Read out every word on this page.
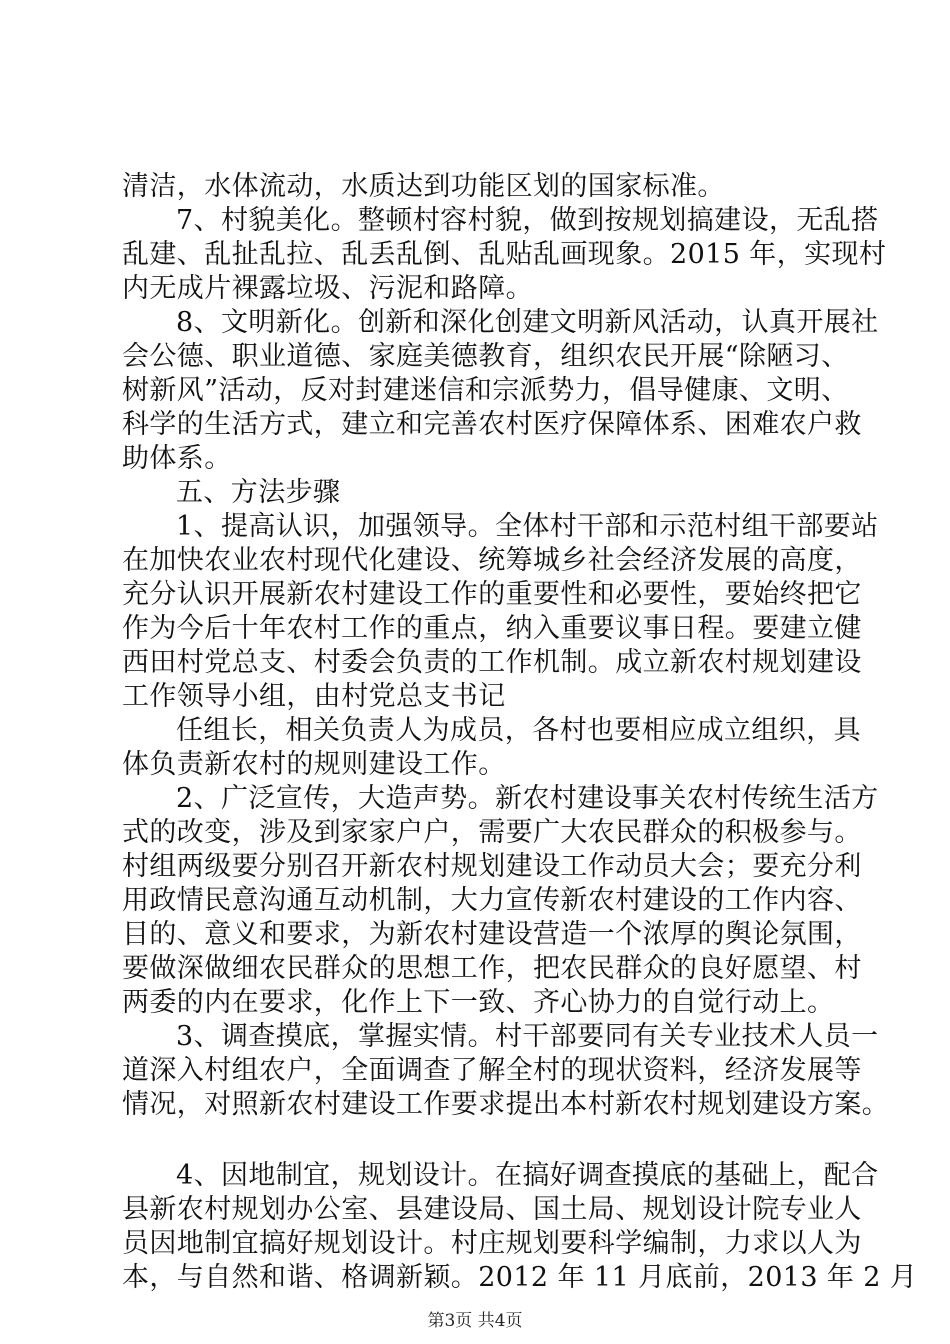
清洁，水体流动，水质达到功能区划的国家标准。
7、村貌美化。整顿村容村貌，做到按规划搞建设，无乱搭
乱建、乱扯乱拉、乱丢乱倒、乱贴乱画现象。2015 年，实现村
内无成片裸露垃圾、污泥和路障。
8、文明新化。创新和深化创建文明新风活动，认真开展社
会公德、职业道德、家庭美德教育，组织农民开展“除陋习、
树新风”活动，反对封建迷信和宗派势力，倡导健康、文明、
科学的生活方式，建立和完善农村医疗保障体系、困难农户救
助体系。
五、方法步骤
1、提高认识，加强领导。全体村干部和示范村组干部要站
在加快农业农村现代化建设、统筹城乡社会经济发展的高度，
充分认识开展新农村建设工作的重要性和必要性，要始终把它
作为今后十年农村工作的重点，纳入重要议事日程。要建立健
西田村党总支、村委会负责的工作机制。成立新农村规划建设
工作领导小组，由村党总支书记
任组长，相关负责人为成员，各村也要相应成立组织，具
体负责新农村的规则建设工作。
2、广泛宣传，大造声势。新农村建设事关农村传统生活方
式的改变，涉及到家家户户，需要广大农民群众的积极参与。
村组两级要分别召开新农村规划建设工作动员大会；要充分利
用政情民意沟通互动机制，大力宣传新农村建设的工作内容、
目的、意义和要求，为新农村建设营造一个浓厚的舆论氛围，
要做深做细农民群众的思想工作，把农民群众的良好愿望、村
两委的内在要求，化作上下一致、齐心协力的自觉行动上。
3、调查摸底，掌握实情。村干部要同有关专业技术人员一
道深入村组农户，全面调查了解全村的现状资料，经济发展等
情况，对照新农村建设工作要求提出本村新农村规划建设方案。
4、因地制宜，规划设计。在搞好调查摸底的基础上，配合
县新农村规划办公室、县建设局、国土局、规划设计院专业人
员因地制宜搞好规划设计。村庄规划要科学编制，力求以人为
本，与自然和谐、格调新颖。2012 年 11 月底前，2013 年 2 月
第3页 共4页
